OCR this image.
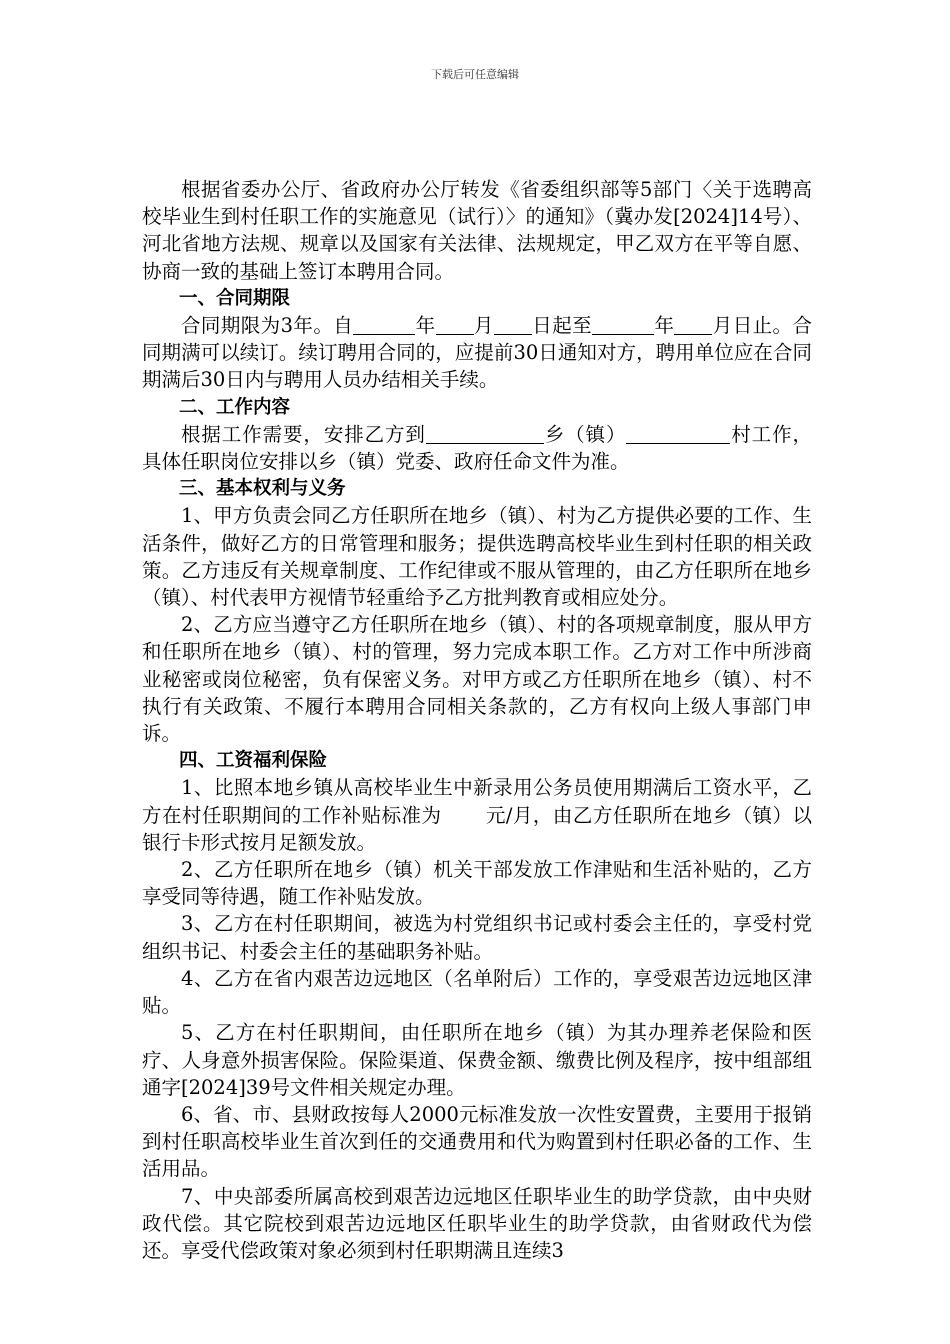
下载后可任意编辑

根据省委办公厅、省政府办公厅转发《省委组织部等5部门〈关于选聘高校毕业生到村任职工作的实施意见（试行）〉的通知》（冀办发[2024]14号）、河北省地方法规、规章以及国家有关法律、法规规定，甲乙双方在平等自愿、协商一致的基础上签订本聘用合同。

一、合同期限

合同期限为3年。自	年 月 日起至	年 月日止。合同期满可以续订。续订聘用合同的，应提前30日通知对方，聘用单位应在合同期满后30日内与聘用人员办结相关手续。

二、工作内容

根据工作需要，安排乙方到	乡（镇）	村工作，具体任职岗位安排以乡（镇）党委、政府任命文件为准。

三、基本权利与义务

1、甲方负责会同乙方任职所在地乡（镇）、村为乙方提供必要的工作、生活条件，做好乙方的日常管理和服务；提供选聘高校毕业生到村任职的相关政策。乙方违反有关规章制度、工作纪律或不服从管理的，由乙方任职所在地乡（镇）、村代表甲方视情节轻重给予乙方批判教育或相应处分。

2、乙方应当遵守乙方任职所在地乡（镇）、村的各项规章制度，服从甲方和任职所在地乡（镇）、村的管理，努力完成本职工作。乙方对工作中所涉商业秘密或岗位秘密，负有保密义务。对甲方或乙方任职所在地乡（镇）、村不执行有关政策、不履行本聘用合同相关条款的，乙方有权向上级人事部门申诉。

四、工资福利保险

1、比照本地乡镇从高校毕业生中新录用公务员使用期满后工资水平，乙方在村任职期间的工作补贴标准为 元/月，由乙方任职所在地乡（镇）以银行卡形式按月足额发放。

2、乙方任职所在地乡（镇）机关干部发放工作津贴和生活补贴的，乙方享受同等待遇，随工作补贴发放。

3、乙方在村任职期间，被选为村党组织书记或村委会主任的，享受村党组织书记、村委会主任的基础职务补贴。

4、乙方在省内艰苦边远地区（名单附后）工作的，享受艰苦边远地区津贴。

5、乙方在村任职期间，由任职所在地乡（镇）为其办理养老保险和医疗、人身意外损害保险。保险渠道、保费金额、缴费比例及程序，按中组部组通字[2024]39号文件相关规定办理。

6、省、市、县财政按每人2000元标准发放一次性安置费，主要用于报销到村任职高校毕业生首次到任的交通费用和代为购置到村任职必备的工作、生活用品。

7、中央部委所属高校到艰苦边远地区任职毕业生的助学贷款，由中央财政代偿。其它院校到艰苦边远地区任职毕业生的助学贷款，由省财政代为偿还。享受代偿政策对象必须到村任职期满且连续3
